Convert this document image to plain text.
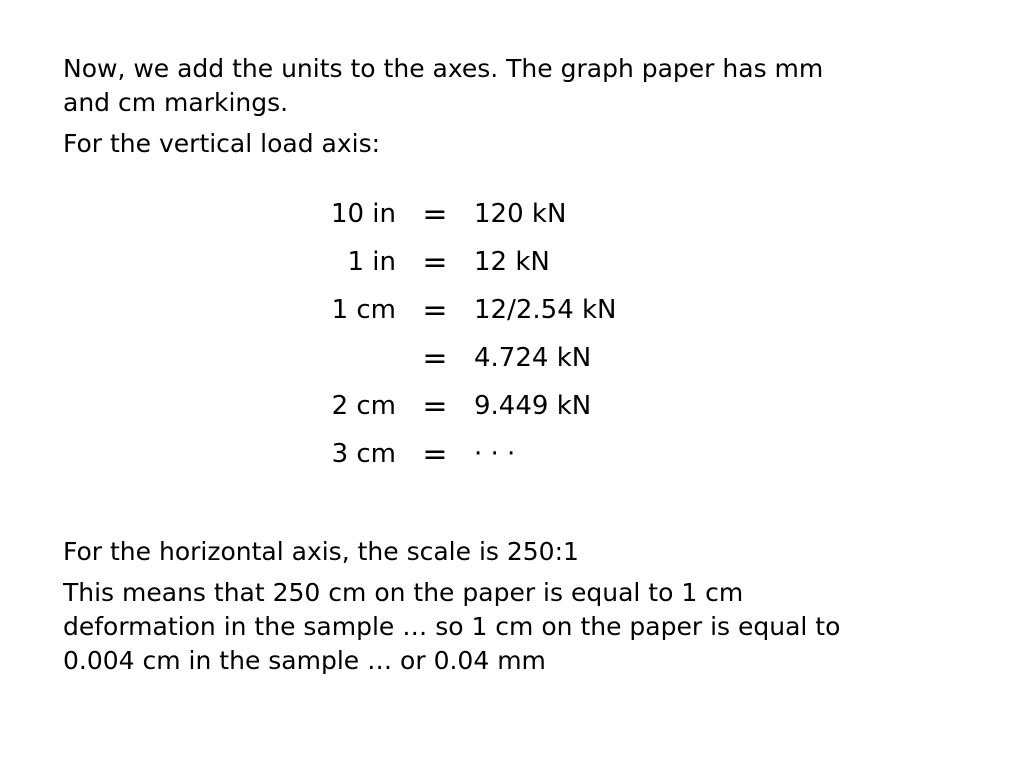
Now, we add the units to the axes. The graph paper has mm
and cm markings.

For the vertical load axis:

10 in	=	120 kN
1 in	=	12 kN
1 cm	=	12/2.54 kN
	=	4.724 kN
2 cm	=	9.449 kN
3 cm	=	· · ·

For the horizontal axis, the scale is 250:1

This means that 250 cm on the paper is equal to 1 cm
deformation in the sample … so 1 cm on the paper is equal to
0.004 cm in the sample … or 0.04 mm
